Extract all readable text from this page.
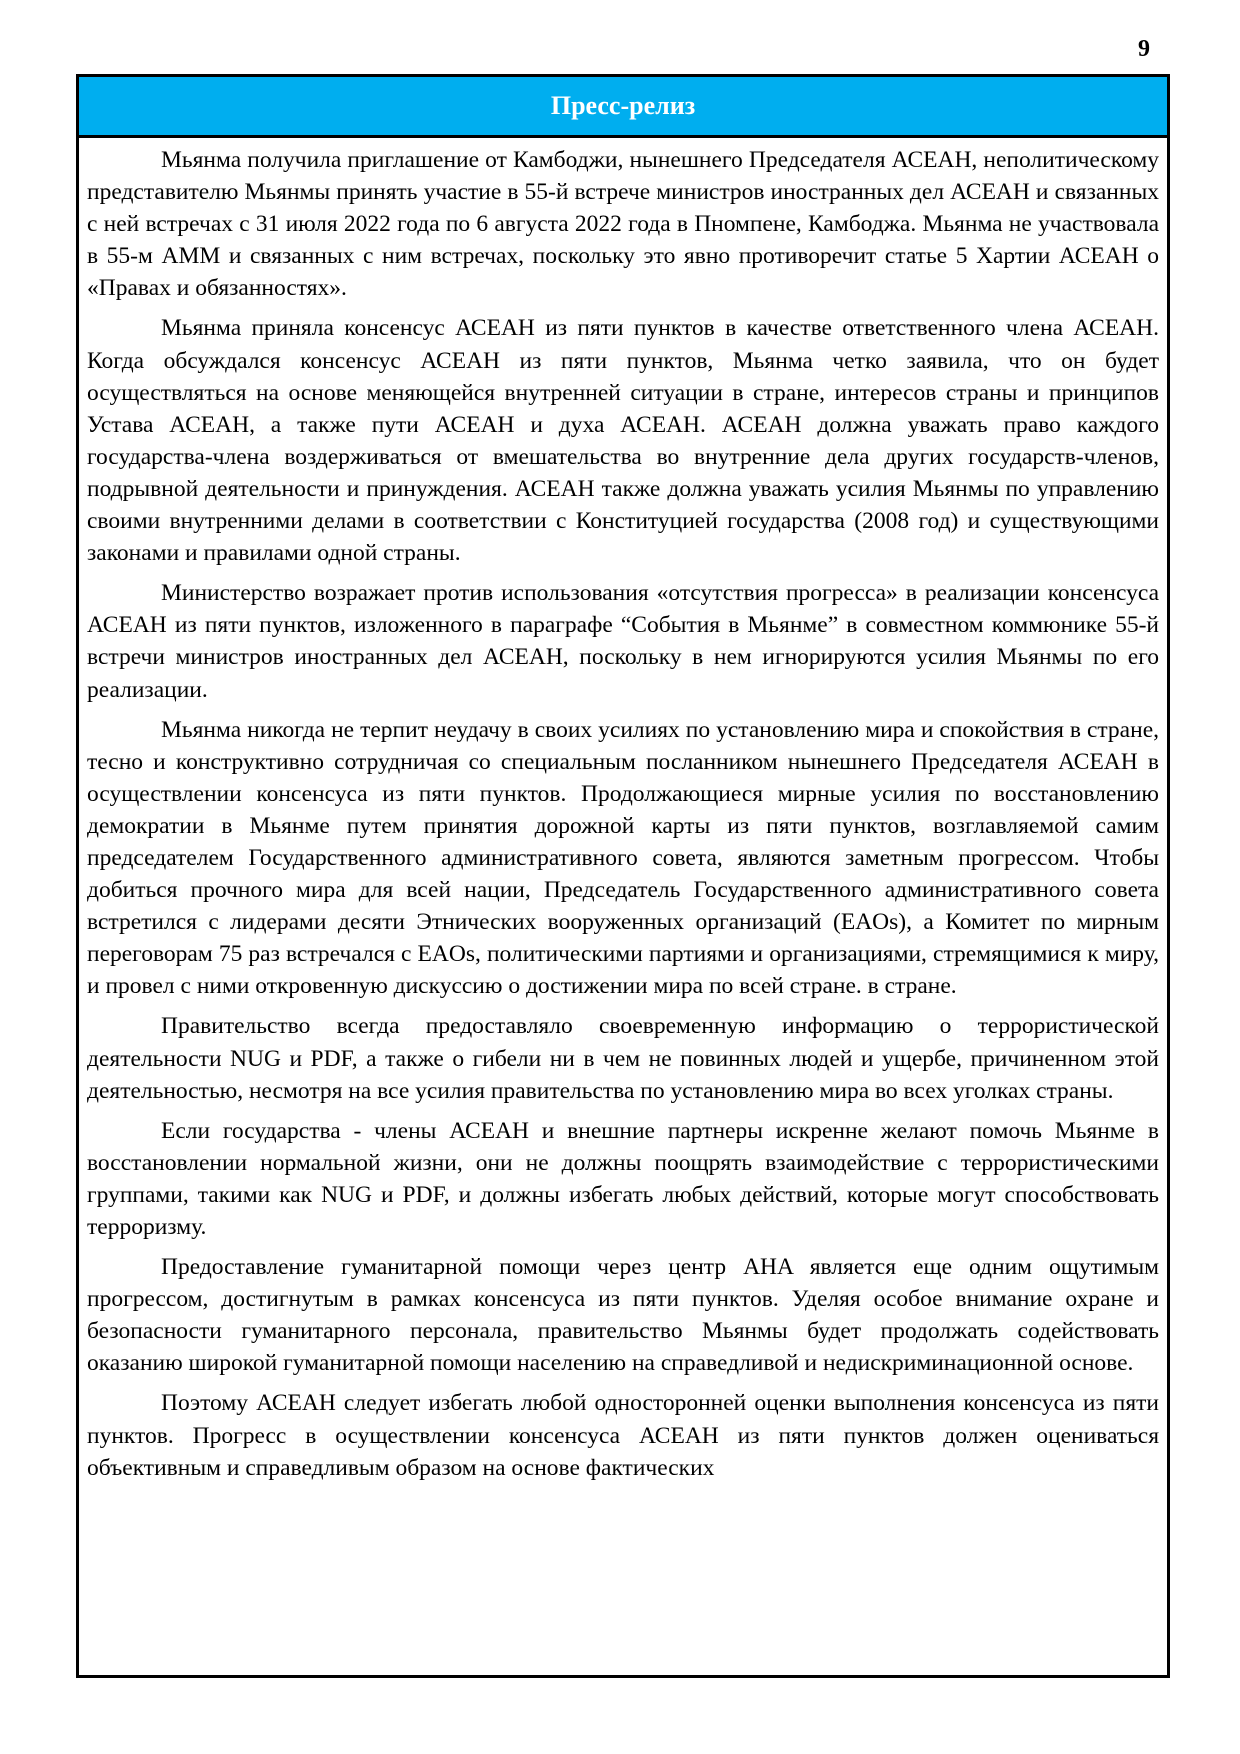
9
Пресс-релиз

Мьянма получила приглашение от Камбоджи, нынешнего Председателя АСЕАН, неполитическому представителю Мьянмы принять участие в 55-й встрече министров иностранных дел АСЕАН и связанных с ней встречах с 31 июля 2022 года по 6 августа 2022 года в Пномпене, Камбоджа. Мьянма не участвовала в 55-м АММ и связанных с ним встречах, поскольку это явно противоречит статье 5 Хартии АСЕАН о «Правах и обязанностях».

Мьянма приняла консенсус АСЕАН из пяти пунктов в качестве ответственного члена АСЕАН. Когда обсуждался консенсус АСЕАН из пяти пунктов, Мьянма четко заявила, что он будет осуществляться на основе меняющейся внутренней ситуации в стране, интересов страны и принципов Устава АСЕАН, а также пути АСЕАН и духа АСЕАН. АСЕАН должна уважать право каждого государства-члена воздерживаться от вмешательства во внутренние дела других государств-членов, подрывной деятельности и принуждения. АСЕАН также должна уважать усилия Мьянмы по управлению своими внутренними делами в соответствии с Конституцией государства (2008 год) и существующими законами и правилами одной страны.

Министерство возражает против использования «отсутствия прогресса» в реализации консенсуса АСЕАН из пяти пунктов, изложенного в параграфе “События в Мьянме” в совместном коммюнике 55-й встречи министров иностранных дел АСЕАН, поскольку в нем игнорируются усилия Мьянмы по его реализации.

Мьянма никогда не терпит неудачу в своих усилиях по установлению мира и спокойствия в стране, тесно и конструктивно сотрудничая со специальным посланником нынешнего Председателя АСЕАН в осуществлении консенсуса из пяти пунктов. Продолжающиеся мирные усилия по восстановлению демократии в Мьянме путем принятия дорожной карты из пяти пунктов, возглавляемой самим председателем Государственного административного совета, являются заметным прогрессом. Чтобы добиться прочного мира для всей нации, Председатель Государственного административного совета встретился с лидерами десяти Этнических вооруженных организаций (EAOs), а Комитет по мирным переговорам 75 раз встречался с EAOs, политическими партиями и организациями, стремящимися к миру, и провел с ними откровенную дискуссию о достижении мира по всей стране. в стране.

Правительство всегда предоставляло своевременную информацию о террористической деятельности NUG и PDF, а также о гибели ни в чем не повинных людей и ущербе, причиненном этой деятельностью, несмотря на все усилия правительства по установлению мира во всех уголках страны.

Если государства - члены АСЕАН и внешние партнеры искренне желают помочь Мьянме в восстановлении нормальной жизни, они не должны поощрять взаимодействие с террористическими группами, такими как NUG и PDF, и должны избегать любых действий, которые могут способствовать терроризму.

Предоставление гуманитарной помощи через центр AHA является еще одним ощутимым прогрессом, достигнутым в рамках консенсуса из пяти пунктов. Уделяя особое внимание охране и безопасности гуманитарного персонала, правительство Мьянмы будет продолжать содействовать оказанию широкой гуманитарной помощи населению на справедливой и недискриминационной основе.

Поэтому АСЕАН следует избегать любой односторонней оценки выполнения консенсуса из пяти пунктов. Прогресс в осуществлении консенсуса АСЕАН из пяти пунктов должен оцениваться объективным и справедливым образом на основе фактических
